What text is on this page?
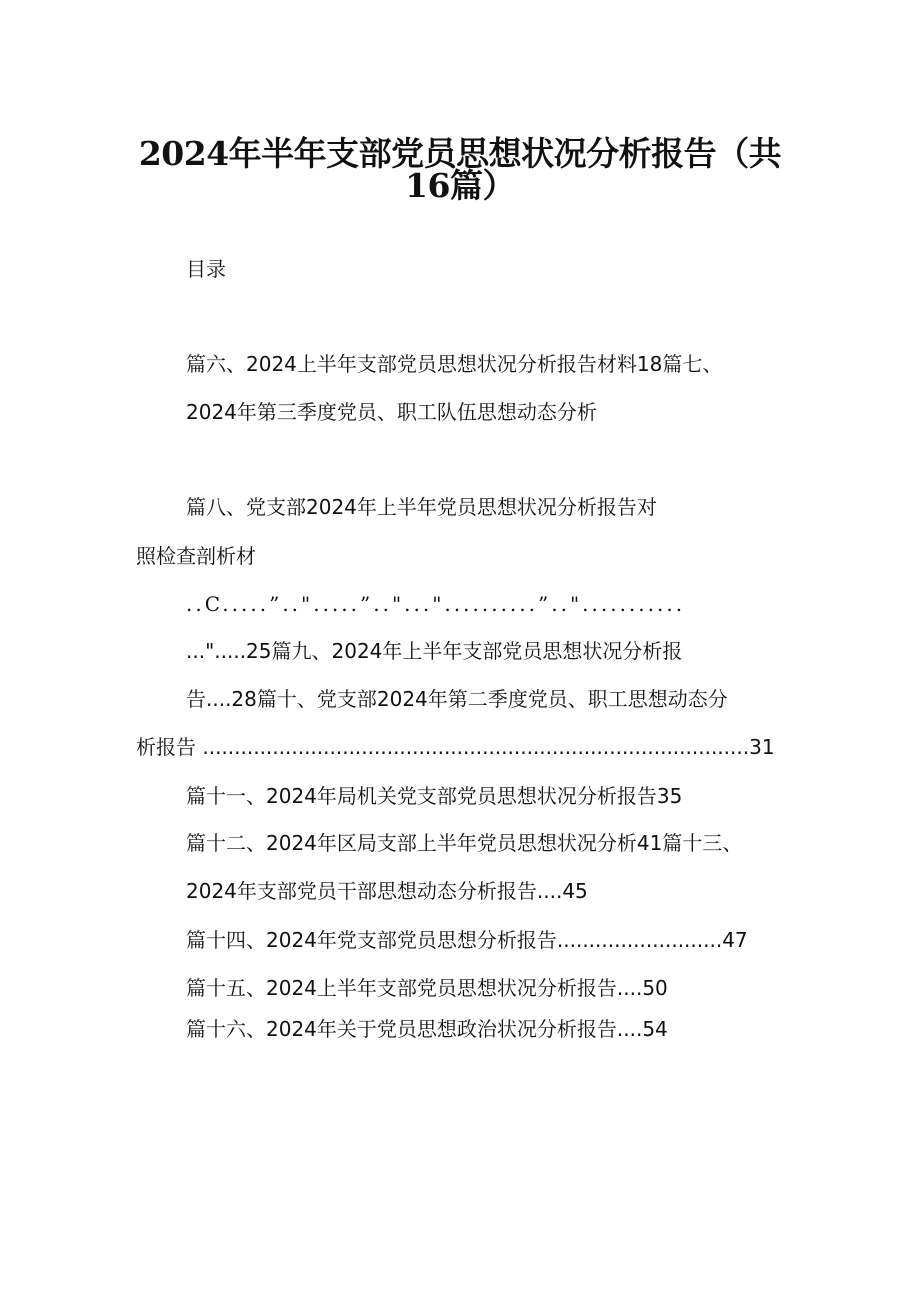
2024年半年支部党员思想状况分析报告（共
16篇）
目录
篇六、2024上半年支部党员思想状况分析报告材料18篇七、
2024年第三季度党员、职工队伍思想动态分析
篇八、党支部2024年上半年党员思想状况分析报告对
照检查剖析材
..C.....”..".....”.."..."..........”.."...........
...".....25篇九、2024年上半年支部党员思想状况分析报
告....28篇十、党支部2024年第二季度党员、职工思想动态分
析报告 ......................................................................................31
篇十一、2024年局机关党支部党员思想状况分析报告35
篇十二、2024年区局支部上半年党员思想状况分析41篇十三、
2024年支部党员干部思想动态分析报告....45
篇十四、2024年党支部党员思想分析报告..........................47
篇十五、2024上半年支部党员思想状况分析报告....50
篇十六、2024年关于党员思想政治状况分析报告....54
